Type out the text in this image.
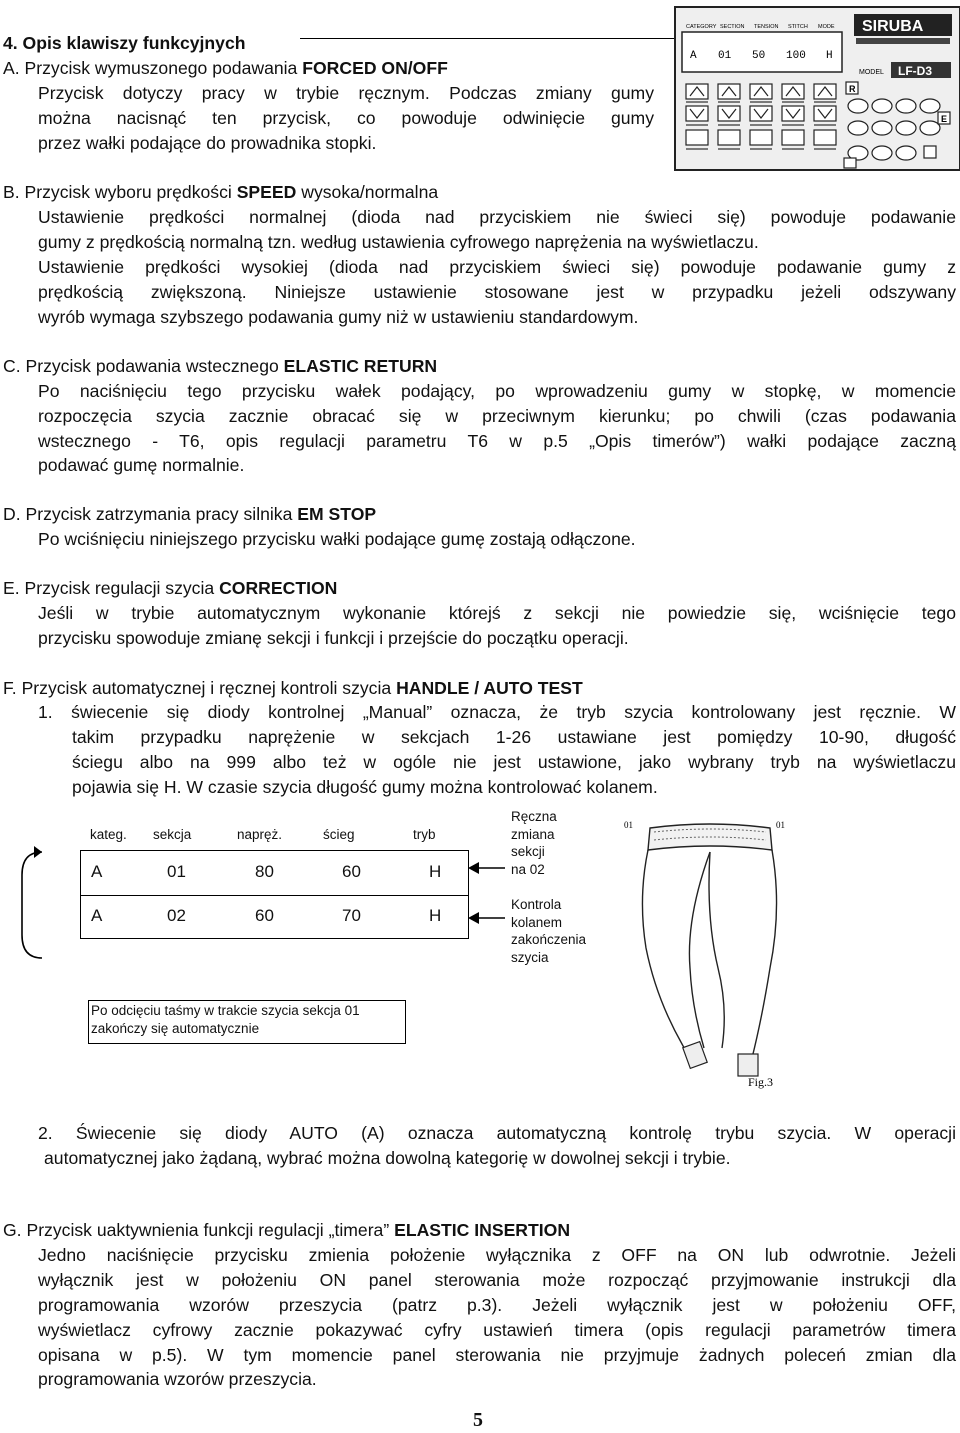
4. Opis klawiszy funkcyjnych
CATEGORY SECTION TENSION STITCH MODE
A 01 50 100 H
SIRUBA
MODEL LF-D3
R
E
A. Przycisk wymuszonego podawania FORCED ON/OFF
Przycisk dotyczy pracy w trybie ręcznym. Podczas zmiany gumy
można nacisnąć ten przycisk, co powoduje odwinięcie gumy
przez wałki podające do prowadnika stopki.
B. Przycisk wyboru prędkości SPEED wysoka/normalna
Ustawienie prędkości normalnej (dioda nad przyciskiem nie świeci się) powoduje podawanie
gumy z prędkością normalną tzn. według ustawienia cyfrowego naprężenia na wyświetlaczu.
Ustawienie prędkości wysokiej (dioda nad przyciskiem świeci się) powoduje podawanie gumy z
prędkością zwiększoną. Niniejsze ustawienie stosowane jest w przypadku jeżeli odszywany
wyrób wymaga szybszego podawania gumy niż w ustawieniu standardowym.
C. Przycisk podawania wstecznego ELASTIC RETURN
Po naciśnięciu tego przycisku wałek podający, po wprowadzeniu gumy w stopkę, w momencie
rozpoczęcia szycia zacznie obracać się w przeciwnym kierunku; po chwili (czas podawania
wstecznego - T6, opis regulacji parametru T6 w p.5 „Opis timerów”) wałki podające zaczną
podawać gumę normalnie.
D. Przycisk zatrzymania pracy silnika EM STOP
Po wciśnięciu niniejszego przycisku wałki podające gumę zostają odłączone.
E. Przycisk regulacji szycia CORRECTION
Jeśli w trybie automatycznym wykonanie którejś z sekcji nie powiedzie się, wciśnięcie tego
przycisku spowoduje zmianę sekcji i funkcji i przejście do początku operacji.
F. Przycisk automatycznej i ręcznej kontroli szycia HANDLE / AUTO TEST
1. świecenie się diody kontrolnej „Manual” oznacza, że tryb szycia kontrolowany jest ręcznie. W
takim przypadku naprężenie w sekcjach 1-26 ustawiane jest pomiędzy 10-90, długość
ściegu albo na 999 albo też w ogóle nie jest ustawione, jako wybrany tryb na wyświetlaczu
pojawia się H. W czasie szycia długość gumy można kontrolować kolanem.
kateg. sekcja	napręż.	ścieg	tryb
A	01	80	60	H
A	02	60	70	H
Ręczna
zmiana
sekcji
na 02
Kontrola
kolanem
zakończenia
szycia
Po odcięciu taśmy w trakcie szycia sekcja 01
zakończy się automatycznie
01	01
Fig.3
2. Świecenie się diody AUTO (A) oznacza automatyczną kontrolę trybu szycia. W operacji
automatycznej jako żądaną, wybrać można dowolną kategorię w dowolnej sekcji i trybie.
G. Przycisk uaktywnienia funkcji regulacji „timera” ELASTIC INSERTION
Jedno naciśnięcie przycisku zmienia położenie wyłącznika z OFF na ON lub odwrotnie. Jeżeli
wyłącznik jest w położeniu ON panel sterowania może rozpocząć przyjmowanie instrukcji dla
programowania wzorów przeszycia (patrz p.3). Jeżeli wyłącznik jest w położeniu OFF,
wyświetlacz cyfrowy zacznie pokazywać cyfry ustawień timera (opis regulacji parametrów timera
opisana w p.5). W tym momencie panel sterowania nie przyjmuje żadnych poleceń zmian dla
programowania wzorów przeszycia.
5
